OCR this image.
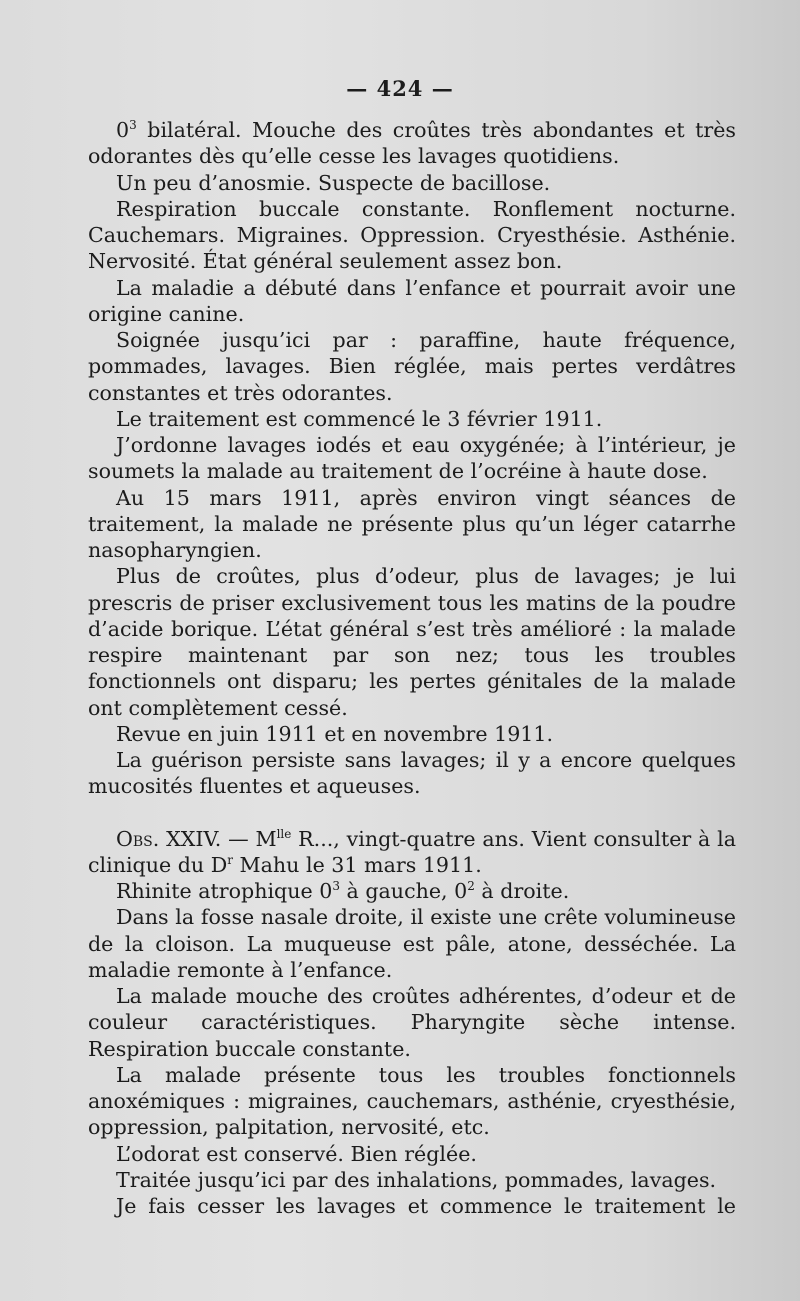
— 424 —

$0^3$ bilatéral. Mouche des croûtes très abondantes et très odorantes dès qu’elle cesse les lavages quotidiens.

Un peu d’anosmie. Suspecte de bacillose.

Respiration buccale constante. Ronflement nocturne. Cauchemars. Migraines. Oppression. Cryesthésie. Asthénie. Nervosité. État général seulement assez bon.

La maladie a débuté dans l’enfance et pourrait avoir une origine canine.

Soignée jusqu’ici par : paraffine, haute fréquence, pommades, lavages. Bien réglée, mais pertes verdâtres constantes et très odorantes.

Le traitement est commencé le 3 février 1911.

J’ordonne lavages iodés et eau oxygénée; à l’intérieur, je soumets la malade au traitement de l’ocréine à haute dose.

Au 15 mars 1911, après environ vingt séances de traitement, la malade ne présente plus qu’un léger catarrhe nasopharyngien.

Plus de croûtes, plus d’odeur, plus de lavages; je lui prescris de priser exclusivement tous les matins de la poudre d’acide borique. L’état général s’est très amélioré : la malade respire maintenant par son nez; tous les troubles fonctionnels ont disparu; les pertes génitales de la malade ont complètement cessé.

Revue en juin 1911 et en novembre 1911.

La guérison persiste sans lavages; il y a encore quelques mucosités fluentes et aqueuses.

Obs. XXIV. — $M^{lle}$ R..., vingt-quatre ans. Vient consulter à la clinique du $D^r$ Mahu le 31 mars 1911.

Rhinite atrophique $0^3$ à gauche, $0^2$ à droite.

Dans la fosse nasale droite, il existe une crête volumineuse de la cloison. La muqueuse est pâle, atone, desséchée. La maladie remonte à l’enfance.

La malade mouche des croûtes adhérentes, d’odeur et de couleur caractéristiques. Pharyngite sèche intense. Respiration buccale constante.

La malade présente tous les troubles fonctionnels anoxémiques : migraines, cauchemars, asthénie, cryesthésie, oppression, palpitation, nervosité, etc.

L’odorat est conservé. Bien réglée.

Traitée jusqu’ici par des inhalations, pommades, lavages.

Je fais cesser les lavages et commence le traitement le
